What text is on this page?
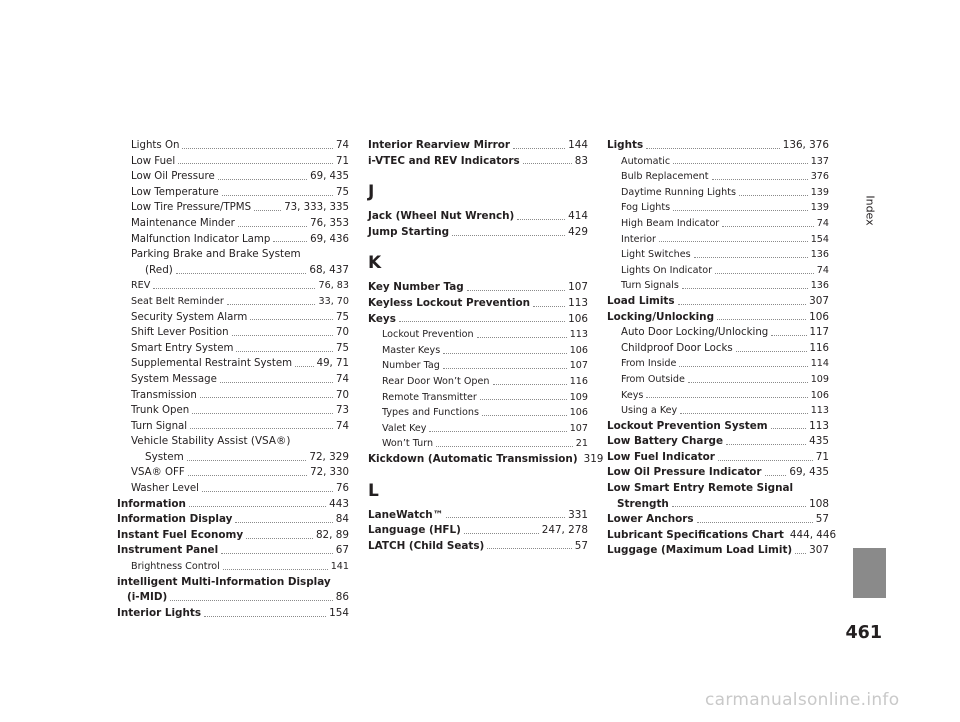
Lights On	74
Low Fuel	71
Low Oil Pressure	69, 435
Low Temperature	75
Low Tire Pressure/TPMS	73, 333, 335
Maintenance Minder	76, 353
Malfunction Indicator Lamp	69, 436
Parking Brake and Brake System
(Red)	68, 437
REV	76, 83
Seat Belt Reminder	33, 70
Security System Alarm	75
Shift Lever Position	70
Smart Entry System	75
Supplemental Restraint System 49, 71
System Message	74
Transmission	70
Trunk Open	73
Turn Signal	74
Vehicle Stability Assist (VSA®)
System	72, 329
VSA® OFF	72, 330
Washer Level	76
Information	443
Information Display	84
Instant Fuel Economy	82, 89
Instrument Panel	67
Brightness Control	141
intelligent Multi-Information Display
(i-MID)	86
Interior Lights	154
Interior Rearview Mirror	144
i-VTEC and REV Indicators	83
J
Jack (Wheel Nut Wrench)	414
Jump Starting	429
K
Key Number Tag	107
Keyless Lockout Prevention	113
Keys	106
Lockout Prevention	113
Master Keys	106
Number Tag	107
Rear Door Won’t Open	116
Remote Transmitter	109
Types and Functions	106
Valet Key	107
Won’t Turn	21
Kickdown (Automatic Transmission) 319
L
LaneWatch™	331
Language (HFL)	247, 278
LATCH (Child Seats)	57
Lights	136, 376
Automatic	137
Bulb Replacement	376
Daytime Running Lights	139
Fog Lights	139
High Beam Indicator	74
Interior	154
Light Switches	136
Lights On Indicator	74
Turn Signals	136
Load Limits	307
Locking/Unlocking	106
Auto Door Locking/Unlocking	117
Childproof Door Locks	116
From Inside	114
From Outside	109
Keys	106
Using a Key	113
Lockout Prevention System	113
Low Battery Charge	435
Low Fuel Indicator	71
Low Oil Pressure Indicator	69, 435
Low Smart Entry Remote Signal
Strength	108
Lower Anchors	57
Lubricant Specifications Chart 444, 446
Luggage (Maximum Load Limit) 307
Index
461
carmanualsonline.info
